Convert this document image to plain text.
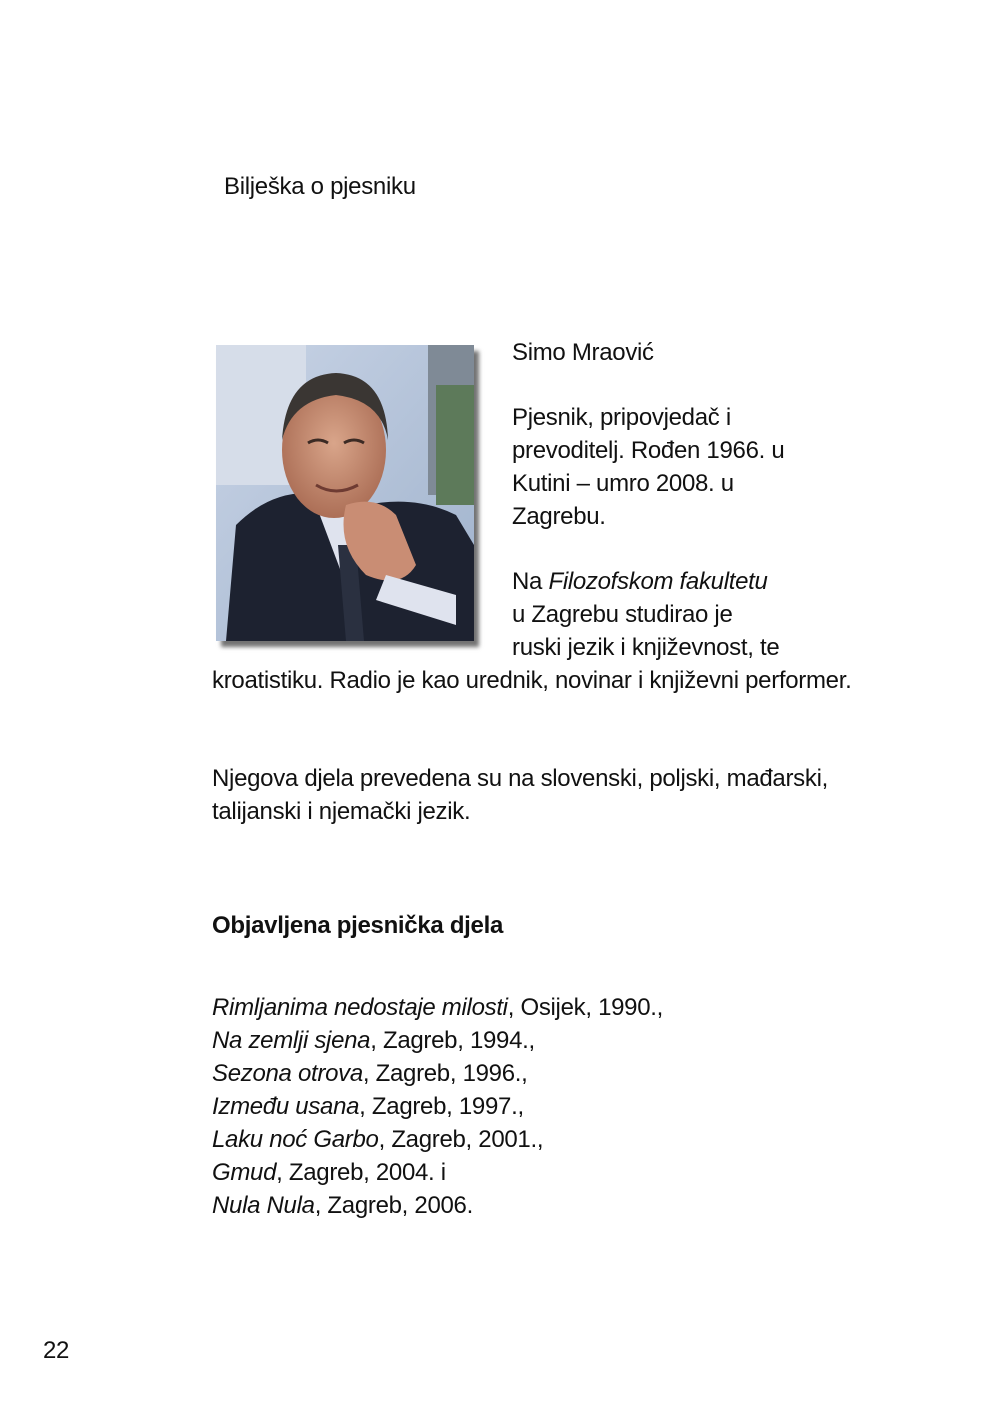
Bilješka o pjesniku
Simo Mraović

Pjesnik, pripovjedač i prevoditelj. Rođen 1966. u Kutini – umro 2008. u Zagrebu.

Na Filozofskom fakultetu
u Zagrebu studirao je
ruski jezik i književnost, te

kroatistiku. Radio je kao urednik, novinar i književni performer.

Njegova djela prevedena su na slovenski, poljski, mađarski, talijanski i njemački jezik.

Objavljena pjesnička djela
Rimljanima nedostaje milosti, Osijek, 1990.,
Na zemlji sjena, Zagreb, 1994.,
Sezona otrova, Zagreb, 1996.,
Između usana, Zagreb, 1997.,
Laku noć Garbo, Zagreb, 2001.,
Gmud, Zagreb, 2004. i
Nula Nula, Zagreb, 2006.
22
